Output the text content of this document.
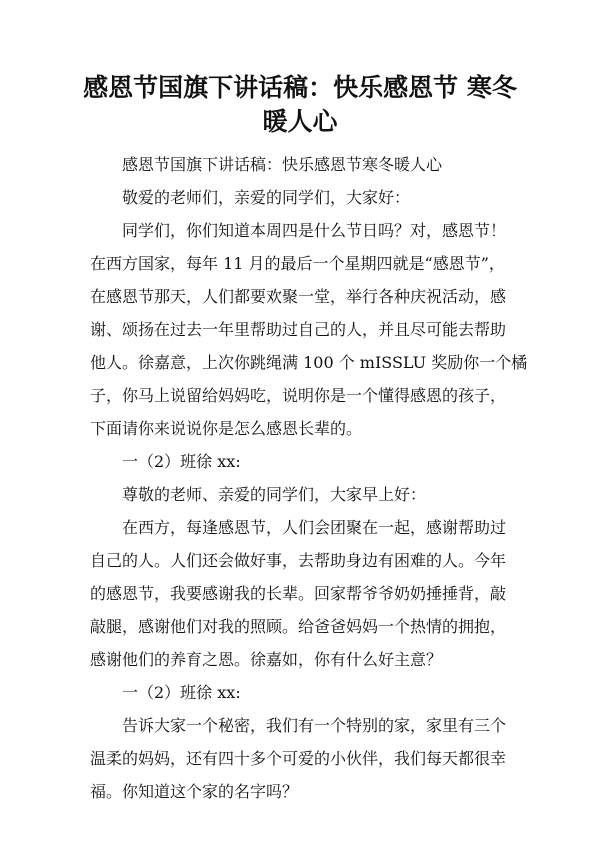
感恩节国旗下讲话稿：快乐感恩节 寒冬
暖人心

感恩节国旗下讲话稿：快乐感恩节寒冬暖人心

敬爱的老师们，亲爱的同学们，大家好：

同学们，你们知道本周四是什么节日吗？对，感恩节！

在西方国家，每年 11 月的最后一个星期四就是“感恩节”，

在感恩节那天，人们都要欢聚一堂，举行各种庆祝活动，感

谢、颂扬在过去一年里帮助过自己的人，并且尽可能去帮助

他人。徐嘉意，上次你跳绳满 100 个 mISSLU 奖励你一个橘

子，你马上说留给妈妈吃，说明你是一个懂得感恩的孩子，

下面请你来说说你是怎么感恩长辈的。

一（2）班徐 xx:

尊敬的老师、亲爱的同学们，大家早上好：

在西方，每逢感恩节，人们会团聚在一起，感谢帮助过

自己的人。人们还会做好事，去帮助身边有困难的人。今年

的感恩节，我要感谢我的长辈。回家帮爷爷奶奶捶捶背，敲

敲腿，感谢他们对我的照顾。给爸爸妈妈一个热情的拥抱，

感谢他们的养育之恩。徐嘉如，你有什么好主意？

一（2）班徐 xx:

告诉大家一个秘密，我们有一个特别的家，家里有三个

温柔的妈妈，还有四十多个可爱的小伙伴，我们每天都很幸

福。你知道这个家的名字吗？
